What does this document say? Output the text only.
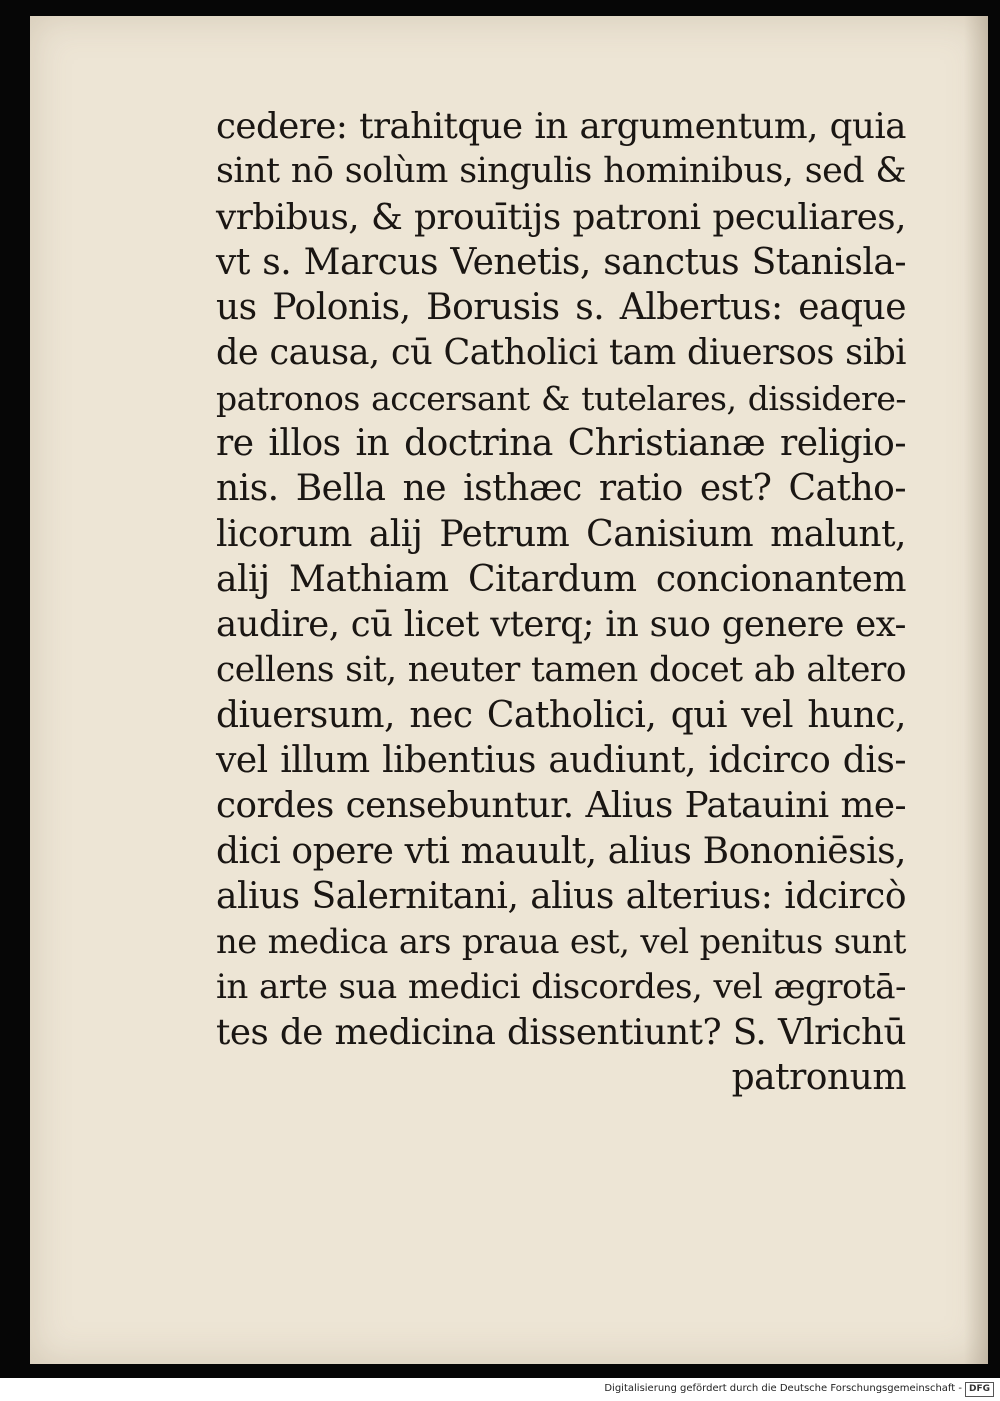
cedere: trahitque in argumentum, quia
sint nō solùm singulis hominibus, sed &
vrbibus, & prouītijs patroni peculiares,
vt s. Marcus Venetis, sanctus Stanisla-
us Polonis, Borusis s. Albertus: eaque
de causa, cū Catholici tam diuersos sibi
patronos accersant & tutelares, dissidere-
re illos in doctrina Christianæ religio-
nis. Bella ne isthæc ratio est? Catho-
licorum alij Petrum Canisium malunt,
alij Mathiam Citardum concionantem
audire, cū licet vterq; in suo genere ex-
cellens sit, neuter tamen docet ab altero
diuersum, nec Catholici, qui vel hunc,
vel illum libentius audiunt, idcirco dis-
cordes censebuntur. Alius Patauini me-
dici opere vti mauult, alius Bononiēsis,
alius Salernitani, alius alterius: idcircò
ne medica ars praua est, vel penitus sunt
in arte sua medici discordes, vel ægrotā-
tes de medicina dissentiunt? S. Vlrichū
patronum
Digitalisierung gefördert durch die Deutsche Forschungsgemeinschaft - DFG
